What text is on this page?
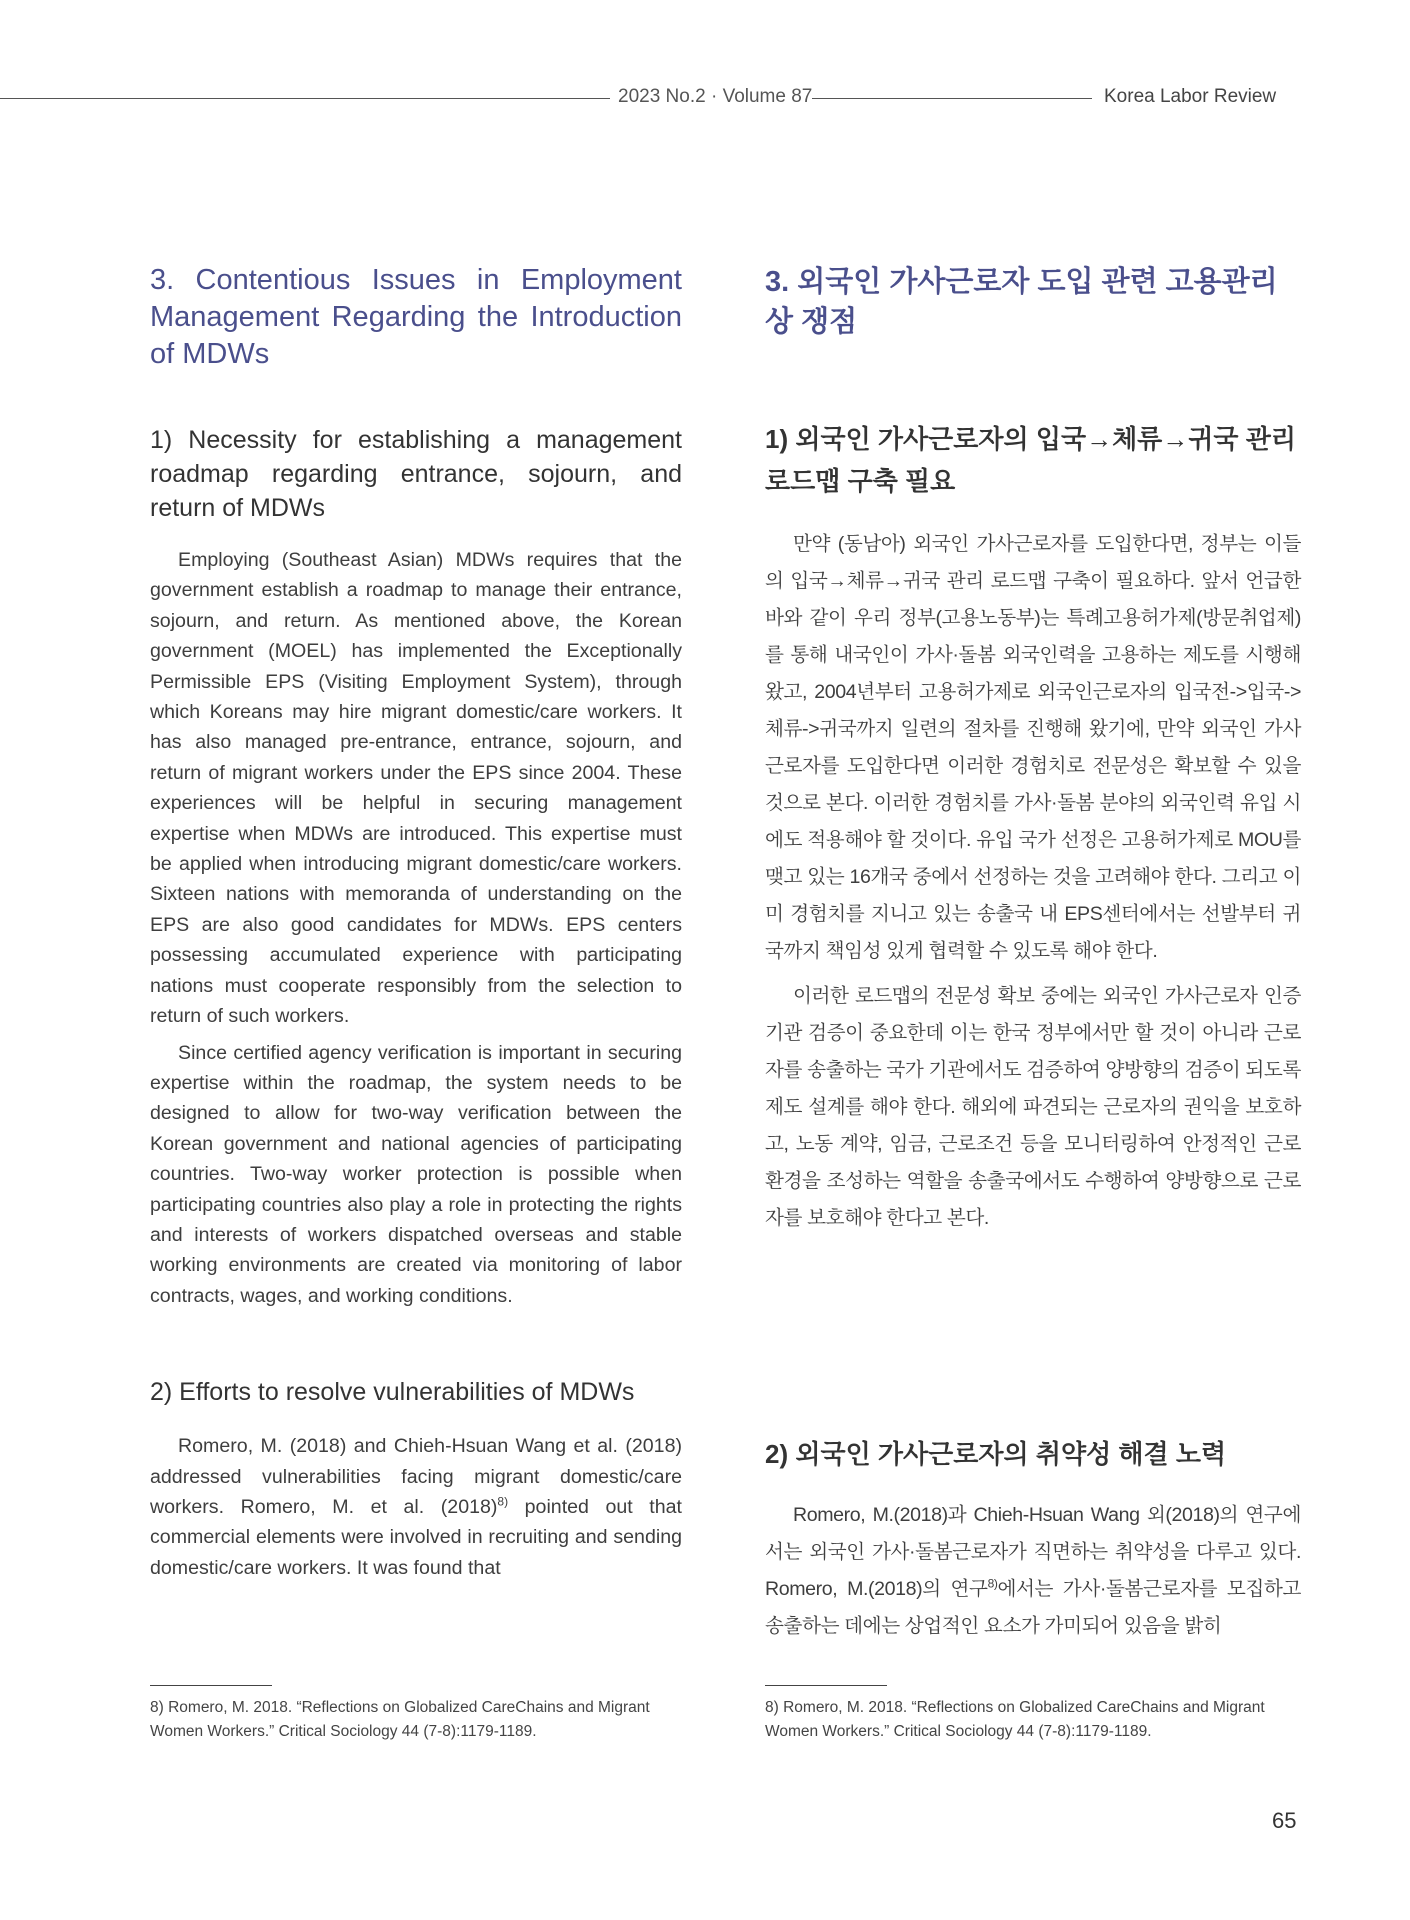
2023 No.2 · Volume 87	Korea Labor Review
3. Contentious Issues in Employment Management Regarding the Introduction of MDWs
1) Necessity for establishing a management roadmap regarding entrance, sojourn, and return of MDWs

Employing (Southeast Asian) MDWs requires that the government establish a roadmap to manage their entrance, sojourn, and return. As mentioned above, the Korean government (MOEL) has implemented the Exceptionally Permissible EPS (Visiting Employment System), through which Koreans may hire migrant domestic/care workers. It has also managed pre-entrance, entrance, sojourn, and return of migrant workers under the EPS since 2004. These experiences will be helpful in securing management expertise when MDWs are introduced. This expertise must be applied when introducing migrant domestic/care workers. Sixteen nations with memoranda of understanding on the EPS are also good candidates for MDWs. EPS centers possessing accumulated experience with participating nations must cooperate responsibly from the selection to return of such workers.

Since certified agency verification is important in securing expertise within the roadmap, the system needs to be designed to allow for two-way verification between the Korean government and national agencies of participating countries. Two-way worker protection is possible when participating countries also play a role in protecting the rights and interests of workers dispatched overseas and stable working environments are created via monitoring of labor contracts, wages, and working conditions.

2) Efforts to resolve vulnerabilities of MDWs

Romero, M. (2018) and Chieh-Hsuan Wang et al. (2018) addressed vulnerabilities facing migrant domestic/care workers. Romero, M. et al. $(2018)^{8)}$ pointed out that commercial elements were involved in recruiting and sending domestic/care workers. It was found that

3. 외국인 가사근로자 도입 관련 고용관리상 쟁점
1) 외국인 가사근로자의 입국→체류→귀국 관리 로드맵 구축 필요

만약 (동남아) 외국인 가사근로자를 도입한다면, 정부는 이들의 입국→체류→귀국 관리 로드맵 구축이 필요하다. 앞서 언급한 바와 같이 우리 정부(고용노동부)는 특례고용허가제(방문취업제)를 통해 내국인이 가사·돌봄 외국인력을 고용하는 제도를 시행해 왔고, 2004년부터 고용허가제로 외국인근로자의 입국전->입국->체류->귀국까지 일련의 절차를 진행해 왔기에, 만약 외국인 가사근로자를 도입한다면 이러한 경험치로 전문성은 확보할 수 있을 것으로 본다. 이러한 경험치를 가사·돌봄 분야의 외국인력 유입 시에도 적용해야 할 것이다. 유입 국가 선정은 고용허가제로 MOU를 맺고 있는 16개국 중에서 선정하는 것을 고려해야 한다. 그리고 이미 경험치를 지니고 있는 송출국 내 EPS센터에서는 선발부터 귀국까지 책임성 있게 협력할 수 있도록 해야 한다.

이러한 로드맵의 전문성 확보 중에는 외국인 가사근로자 인증기관 검증이 중요한데 이는 한국 정부에서만 할 것이 아니라 근로자를 송출하는 국가 기관에서도 검증하여 양방향의 검증이 되도록 제도 설계를 해야 한다. 해외에 파견되는 근로자의 권익을 보호하고, 노동 계약, 임금, 근로조건 등을 모니터링하여 안정적인 근로환경을 조성하는 역할을 송출국에서도 수행하여 양방향으로 근로자를 보호해야 한다고 본다.

2) 외국인 가사근로자의 취약성 해결 노력

Romero, M.(2018)과 Chieh-Hsuan Wang 외(2018)의 연구에서는 외국인 가사·돌봄근로자가 직면하는 취약성을 다루고 있다. Romero, M.(2018)의 연구$^{8)}$에서는 가사·돌봄근로자를 모집하고 송출하는 데에는 상업적인 요소가 가미되어 있음을 밝히

8) Romero, M. 2018. “Reflections on Globalized CareChains and Migrant Women Workers.” Critical Sociology 44 (7-8):1179-1189.
8) Romero, M. 2018. “Reflections on Globalized CareChains and Migrant Women Workers.” Critical Sociology 44 (7-8):1179-1189.
65
